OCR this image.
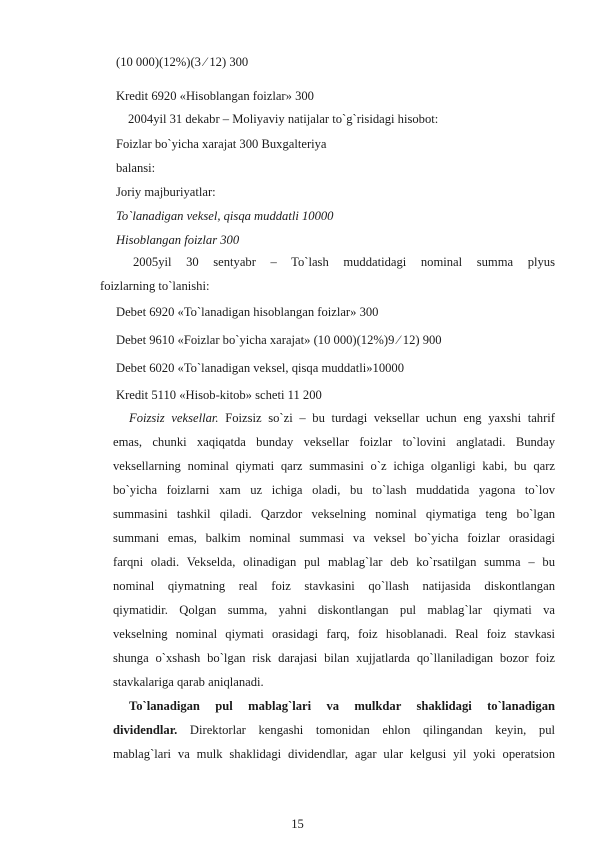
(10 000)(12%)(3 ⁄ 12) 300
Kredit 6920 «Hisoblangan foizlar» 300
2004yil 31 dekabr – Moliyaviy natijalar to`g`risidagi hisobot:
Foizlar bo`yicha xarajat 300 Buxgalteriya
balansi:
Joriy majburiyatlar:
To`lanadigan veksel, qisqa muddatli 10000
Hisoblangan foizlar 300
2005yil 30 sentyabr – To`lash muddatidagi nominal summa plyus
foizlarning to`lanishi:
Debet 6920 «To`lanadigan hisoblangan foizlar» 300
Debet 9610 «Foizlar bo`yicha xarajat» (10 000)(12%)9 ⁄ 12) 900
Debet 6020 «To`lanadigan veksel, qisqa muddatli»10000
Kredit 5110 «Hisob-kitob» scheti 11 200
Foizsiz veksellar. Foizsiz so`zi – bu turdagi veksellar uchun eng yaxshi tahrif
emas, chunki xaqiqatda bunday veksellar foizlar to`lovini anglatadi. Bunday
veksellarning nominal qiymati qarz summasini o`z ichiga olganligi kabi, bu qarz
bo`yicha foizlarni xam uz ichiga oladi, bu to`lash muddatida yagona to`lov
summasini tashkil qiladi. Qarzdor vekselning nominal qiymatiga teng bo`lgan
summani emas, balkim nominal summasi va veksel bo`yicha foizlar orasidagi
farqni oladi. Vekselda, olinadigan pul mablag`lar deb ko`rsatilgan summa – bu
nominal qiymatning real foiz stavkasini qo`llash natijasida diskontlangan
qiymatidir. Qolgan summa, yahni diskontlangan pul mablag`lar qiymati va
vekselning nominal qiymati orasidagi farq, foiz hisoblanadi. Real foiz stavkasi
shunga o`xshash bo`lgan risk darajasi bilan xujjatlarda qo`llaniladigan bozor foiz
stavkalariga qarab aniqlanadi.
To`lanadigan pul mablag`lari va mulkdar shaklidagi to`lanadigan
dividendlar. Direktorlar kengashi tomonidan ehlon qilingandan keyin, pul
mablag`lari va mulk shaklidagi dividendlar, agar ular kelgusi yil yoki operatsion
15
